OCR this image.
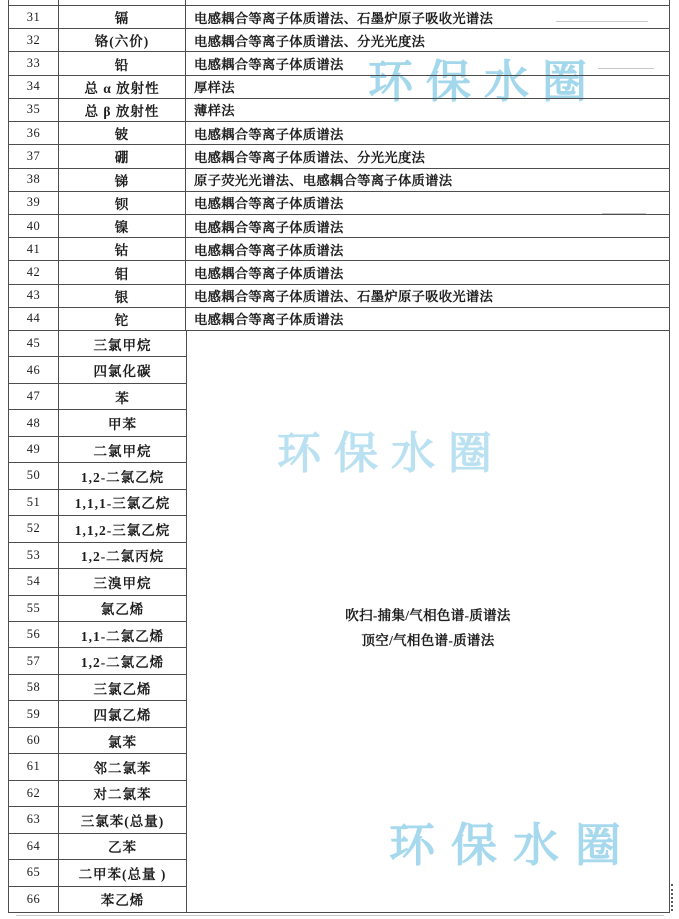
环保水圈
环保水圈
环保水圈
31	镉	电感耦合等离子体质谱法、石墨炉原子吸收光谱法
32	铬(六价)	电感耦合等离子体质谱法、分光光度法
33	铅	电感耦合等离子体质谱法
34	总 α 放射性	厚样法
35	总 β 放射性	薄样法
36	铍	电感耦合等离子体质谱法
37	硼	电感耦合等离子体质谱法、分光光度法
38	锑	原子荧光光谱法、电感耦合等离子体质谱法
39	钡	电感耦合等离子体质谱法
40	镍	电感耦合等离子体质谱法
41	钴	电感耦合等离子体质谱法
42	钼	电感耦合等离子体质谱法
43	银	电感耦合等离子体质谱法、石墨炉原子吸收光谱法
44	铊	电感耦合等离子体质谱法
45	三氯甲烷
46	四氯化碳
47	苯
48	甲苯
49	二氯甲烷
50	1,2-二氯乙烷
51	1,1,1-三氯乙烷
52	1,1,2-三氯乙烷
53	1,2-二氯丙烷
54	三溴甲烷
55	氯乙烯
56	1,1-二氯乙烯
57	1,2-二氯乙烯
58	三氯乙烯
59	四氯乙烯
60	氯苯
61	邻二氯苯
62	对二氯苯
63	三氯苯(总量)
64	乙苯
65	二甲苯(总量 )
66	苯乙烯
吹扫-捕集/气相色谱-质谱法
顶空/气相色谱-质谱法
